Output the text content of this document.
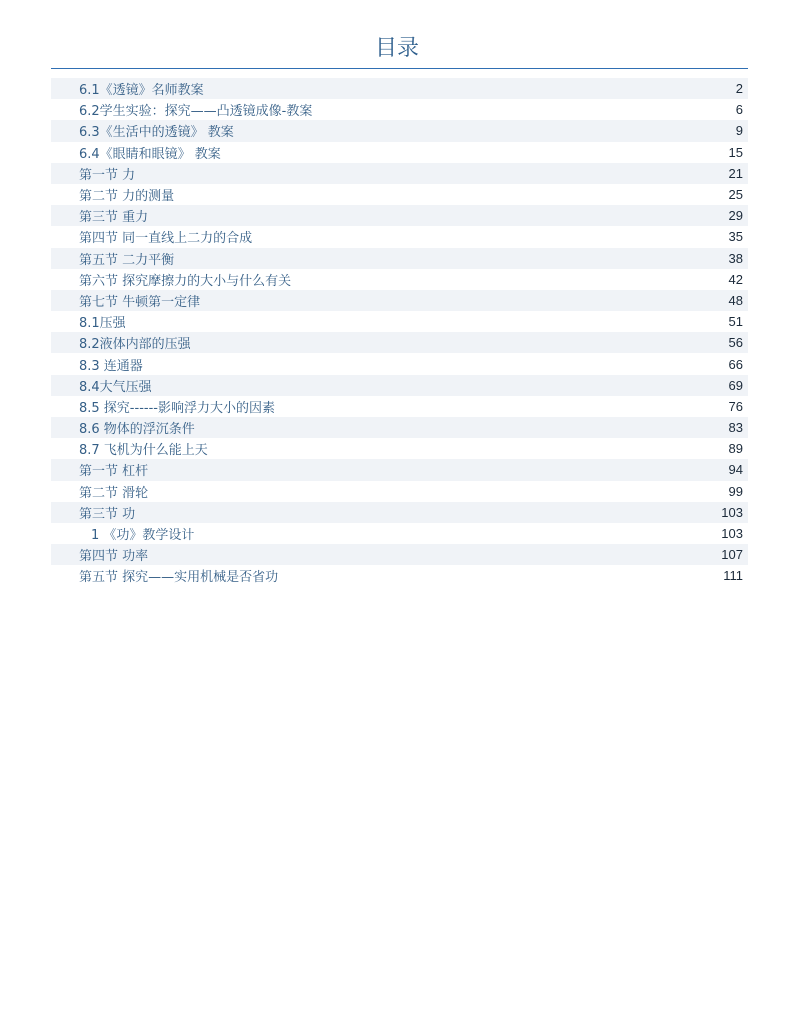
目录
6.1《透镜》名师教案	2
6.2学生实验：探究——凸透镜成像-教案	6
6.3《生活中的透镜》 教案	9
6.4《眼睛和眼镜》 教案	15
第一节 力	21
第二节 力的测量	25
第三节 重力	29
第四节 同一直线上二力的合成	35
第五节 二力平衡	38
第六节 探究摩擦力的大小与什么有关	42
第七节 牛顿第一定律	48
8.1压强	51
8.2液体内部的压强	56
8.3 连通器	66
8.4大气压强	69
8.5 探究------影响浮力大小的因素	76
8.6 物体的浮沉条件	83
8.7 飞机为什么能上天	89
第一节 杠杆	94
第二节 滑轮	99
第三节 功	103
1 《功》教学设计	103
第四节 功率	107
第五节 探究——实用机械是否省功	111
